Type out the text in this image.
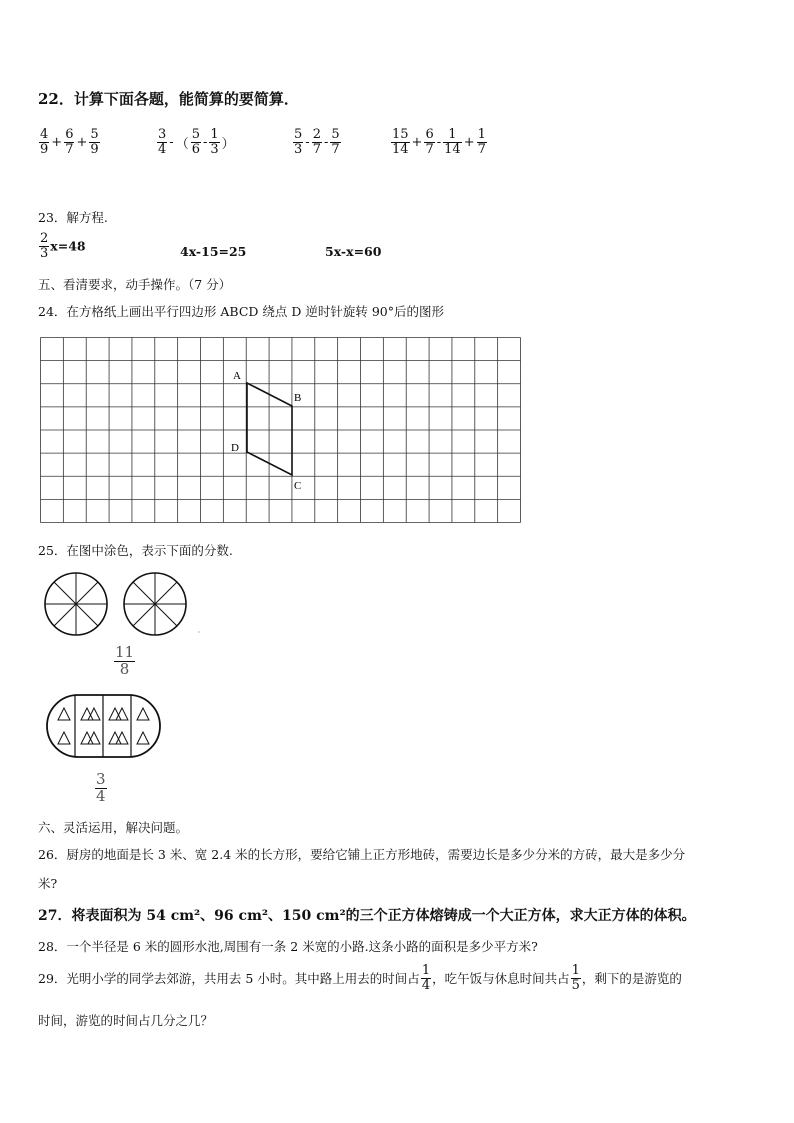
22．计算下面各题，能简算的要简算．
$\frac{4}{9} + \frac{6}{7} + \frac{5}{9}$	$\frac{3}{4}$ - （ $\frac{5}{6} - \frac{1}{3}$ ）	$\frac{5}{3} - \frac{2}{7} - \frac{5}{7}$	$\frac{15}{14} + \frac{6}{7} - \frac{1}{14} + \frac{1}{7}$
23．解方程.
$\frac{2}{3} x=48$	4x-15=25	5x-x=60
五、看清要求，动手操作。（7 分）
24．在方格纸上画出平行四边形 ABCD 绕点 D 逆时针旋转 90°后的图形
A
B
C
D
25．在图中涂色，表示下面的分数.
$\frac{11}{8}$
$\frac{3}{4}$
六、灵活运用，解决问题。
26．厨房的地面是长 3 米、宽 2.4 米的长方形，要给它铺上正方形地砖，需要边长是多少分米的方砖，最大是多少分
米?
27．将表面积为 54 cm²、96 cm²、150 cm²的三个正方体熔铸成一个大正方体，求大正方体的体积。
28．一个半径是 6 米的圆形水池,周围有一条 2 米宽的小路.这条小路的面积是多少平方米?
29．光明小学的同学去郊游，共用去 5 小时。其中路上用去的时间占 $\frac{1}{4}$ ，吃午饭与休息时间共占 $\frac{1}{5}$ ，剩下的是游览的
时间，游览的时间占几分之几？
